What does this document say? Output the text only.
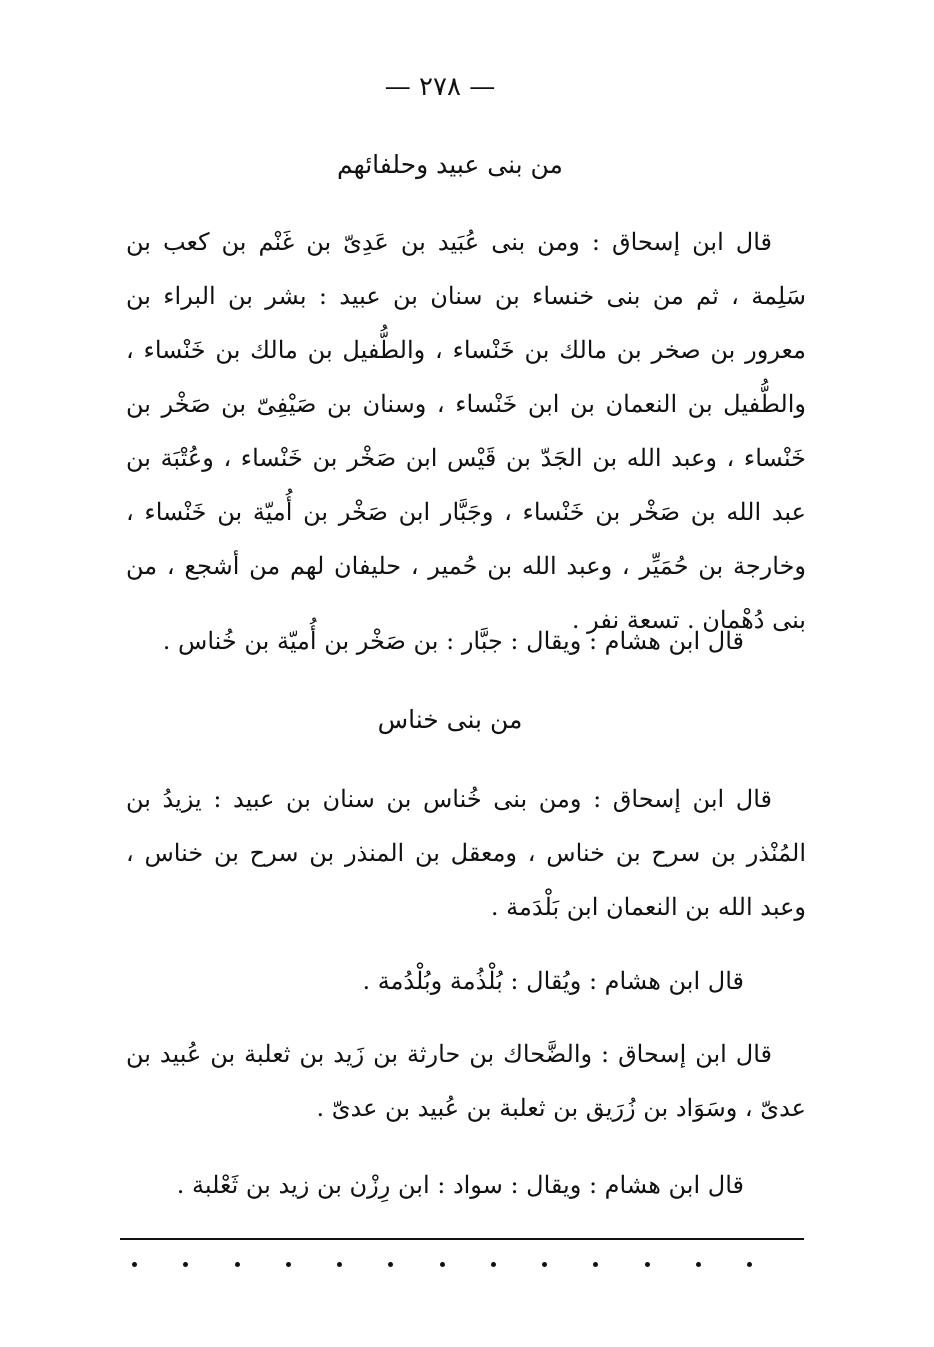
— ٢٧٨ —
من بنى عبيد وحلفائهم

قال ابن إسحاق : ومن بنى عُبَيد بن عَدِىّ بن غَنْم بن كعب بن سَلِمة ، ثم من بنى خنساء بن سنان بن عبيد : بشر بن البراء بن معرور بن صخر بن مالك بن خَنْساء ، والطُّفيل بن مالك بن خَنْساء ، والطُّفيل بن النعمان بن ابن خَنْساء ، وسنان بن صَيْفِىّ بن صَخْر بن خَنْساء ، وعبد الله بن الجَدّ بن قَيْس ابن صَخْر بن خَنْساء ، وعُتْبَة بن عبد الله بن صَخْر بن خَنْساء ، وجَبَّار ابن صَخْر بن أُميّة بن خَنْساء ، وخارجة بن حُمَيِّر ، وعبد الله بن حُمير ، حليفان لهم من أشجع ، من بنى دُهْمان . تسعة نفر .

قال ابن هشام : ويقال : جبَّار : بن صَخْر بن أُميّة بن خُناس .

من بنى خناس

قال ابن إسحاق : ومن بنى خُناس بن سنان بن عبيد : يزيدُ بن المُنْذر بن سرح بن خناس ، ومعقل بن المنذر بن سرح بن خناس ، وعبد الله بن النعمان ابن بَلْدَمة .

قال ابن هشام : ويُقال : بُلْذُمة وبُلْدُمة .

قال ابن إسحاق : والضَّحاك بن حارثة بن زَيد بن ثعلبة بن عُبيد بن عدىّ ، وسَوَاد بن زُرَيق بن ثعلبة بن عُبيد بن عدىّ .

قال ابن هشام : ويقال : سواد : ابن رِزْن بن زيد بن ثَعْلبة .
